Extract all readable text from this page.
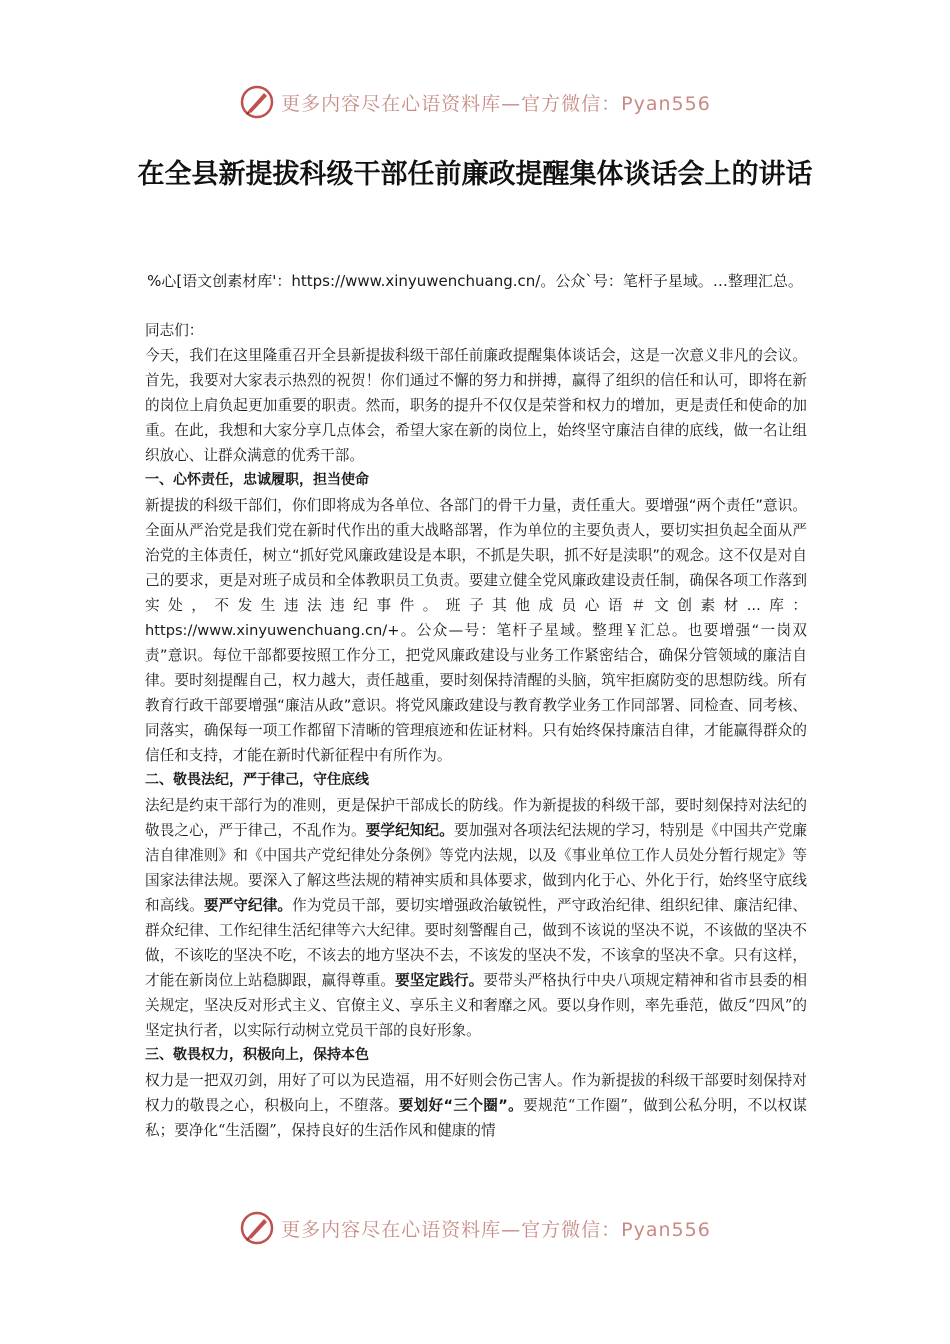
更多内容尽在心语资料库—官方微信：Pyan556
在全县新提拔科级干部任前廉政提醒集体谈话会上的讲话
%心[语文创素材库'：https://www.xinyuwenchuang.cn/。公众`号：笔杆子星域。…整理汇总。

同志们：

今天，我们在这里隆重召开全县新提拔科级干部任前廉政提醒集体谈话会，这是一次意义非凡的会议。首先，我要对大家表示热烈的祝贺！你们通过不懈的努力和拼搏，赢得了组织的信任和认可，即将在新的岗位上肩负起更加重要的职责。然而，职务的提升不仅仅是荣誉和权力的增加，更是责任和使命的加重。在此，我想和大家分享几点体会，希望大家在新的岗位上，始终坚守廉洁自律的底线，做一名让组织放心、让群众满意的优秀干部。

一、心怀责任，忠诚履职，担当使命

新提拔的科级干部们，你们即将成为各单位、各部门的骨干力量，责任重大。要增强“两个责任”意识。全面从严治党是我们党在新时代作出的重大战略部署，作为单位的主要负责人，要切实担负起全面从严治党的主体责任，树立“抓好党风廉政建设是本职，不抓是失职，抓不好是渎职”的观念。这不仅是对自己的要求，更是对班子成员和全体教职员工负责。要建立健全党风廉政建设责任制，确保各项工作落到实处，不发生违法违纪事件。班子其他成员心语＃文创素材...库：https://www.xinyuwenchuang.cn/+。公众—号：笔杆子星域。整理￥汇总。也要增强“一岗双责”意识。每位干部都要按照工作分工，把党风廉政建设与业务工作紧密结合，确保分管领域的廉洁自律。要时刻提醒自己，权力越大，责任越重，要时刻保持清醒的头脑，筑牢拒腐防变的思想防线。所有教育行政干部要增强“廉洁从政”意识。将党风廉政建设与教育教学业务工作同部署、同检查、同考核、同落实，确保每一项工作都留下清晰的管理痕迹和佐证材料。只有始终保持廉洁自律，才能赢得群众的信任和支持，才能在新时代新征程中有所作为。

二、敬畏法纪，严于律己，守住底线

法纪是约束干部行为的准则，更是保护干部成长的防线。作为新提拔的科级干部，要时刻保持对法纪的敬畏之心，严于律己，不乱作为。要学纪知纪。要加强对各项法纪法规的学习，特别是《中国共产党廉洁自律准则》和《中国共产党纪律处分条例》等党内法规，以及《事业单位工作人员处分暂行规定》等国家法律法规。要深入了解这些法规的精神实质和具体要求，做到内化于心、外化于行，始终坚守底线和高线。要严守纪律。作为党员干部，要切实增强政治敏锐性，严守政治纪律、组织纪律、廉洁纪律、群众纪律、工作纪律生活纪律等六大纪律。要时刻警醒自己，做到不该说的坚决不说，不该做的坚决不做，不该吃的坚决不吃，不该去的地方坚决不去，不该发的坚决不发，不该拿的坚决不拿。只有这样，才能在新岗位上站稳脚跟，赢得尊重。要坚定践行。要带头严格执行中央八项规定精神和省市县委的相关规定，坚决反对形式主义、官僚主义、享乐主义和奢靡之风。要以身作则，率先垂范，做反“四风”的坚定执行者，以实际行动树立党员干部的良好形象。

三、敬畏权力，积极向上，保持本色

权力是一把双刃剑，用好了可以为民造福，用不好则会伤己害人。作为新提拔的科级干部要时刻保持对权力的敬畏之心，积极向上，不堕落。要划好“三个圈”。要规范“工作圈”，做到公私分明，不以权谋私；要净化“生活圈”，保持良好的生活作风和健康的情

更多内容尽在心语资料库—官方微信：Pyan556
